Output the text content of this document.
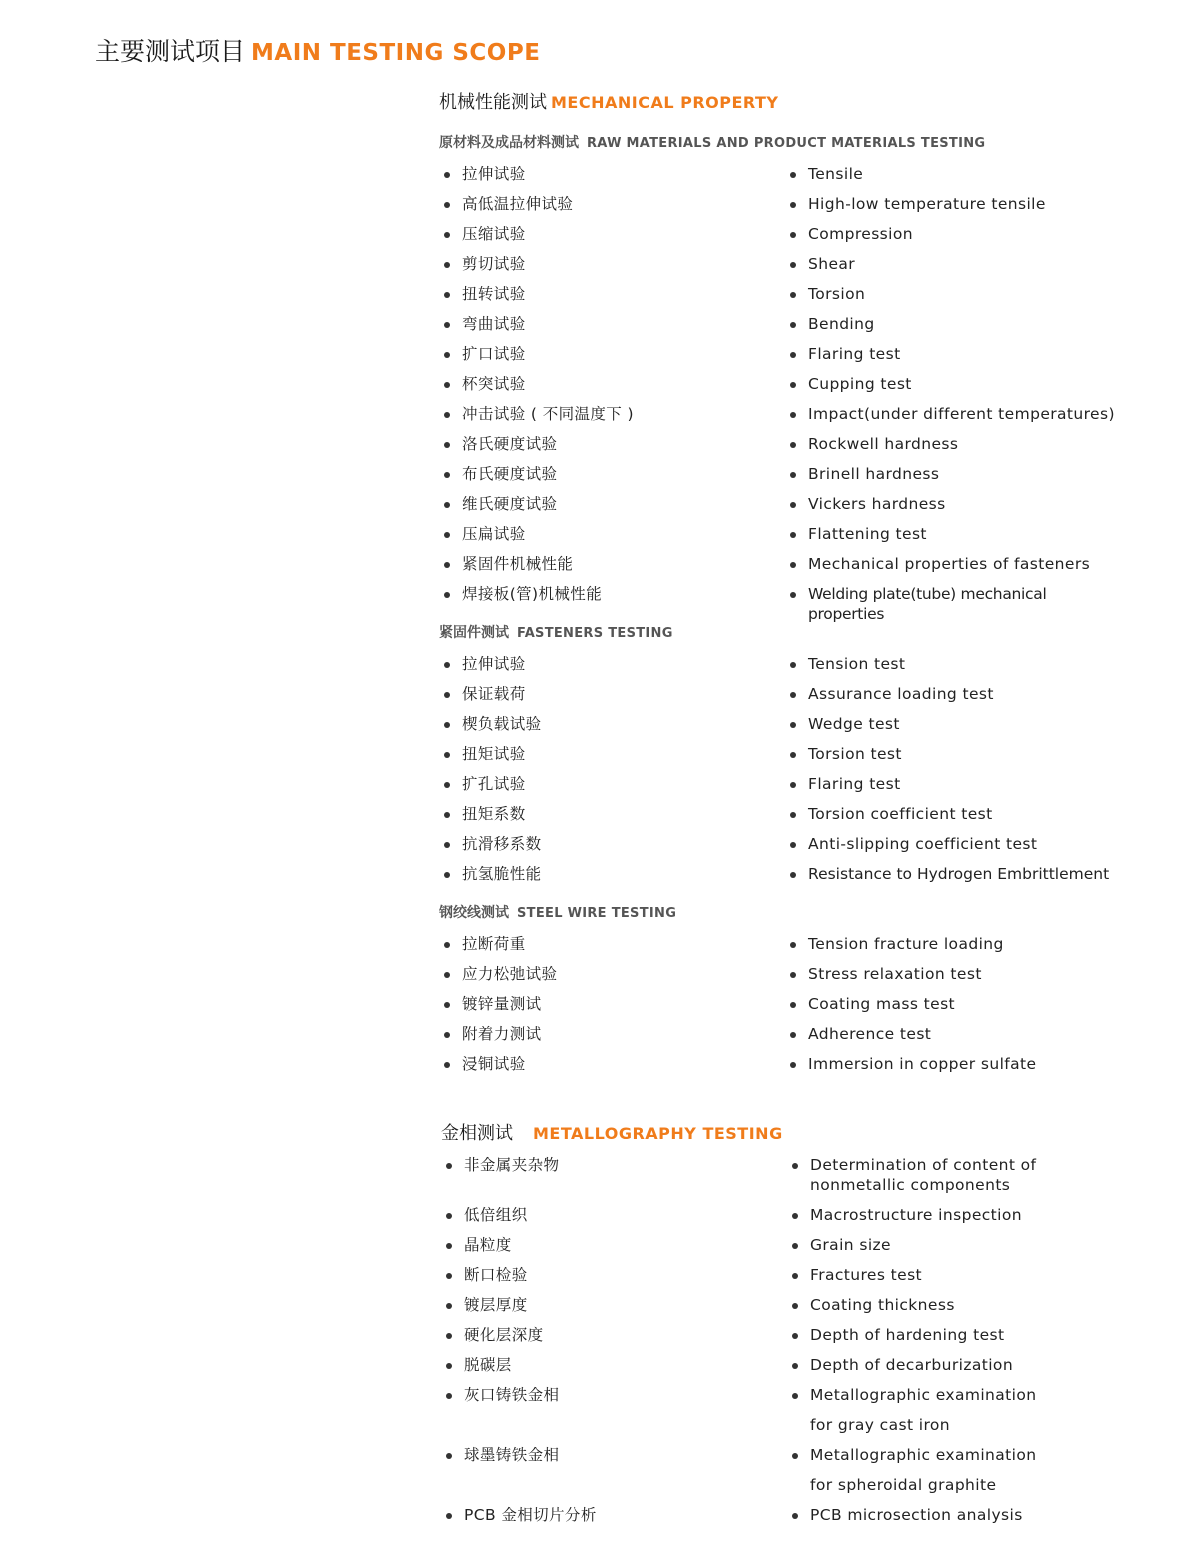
主要测试项目 MAIN TESTING SCOPE
机械性能测试 MECHANICAL PROPERTY
原材料及成品材料测试 RAW MATERIALS AND PRODUCT MATERIALS TESTING
拉伸试验	Tensile
高低温拉伸试验	High-low temperature tensile
压缩试验	Compression
剪切试验	Shear
扭转试验	Torsion
弯曲试验	Bending
扩口试验	Flaring test
杯突试验	Cupping test
冲击试验 ( 不同温度下 )	Impact(under different temperatures)
洛氏硬度试验	Rockwell hardness
布氏硬度试验	Brinell hardness
维氏硬度试验	Vickers hardness
压扁试验	Flattening test
紧固件机械性能	Mechanical properties of fasteners
焊接板(管)机械性能	Welding plate(tube) mechanical properties
紧固件测试 FASTENERS TESTING
拉伸试验	Tension test
保证载荷	Assurance loading test
楔负载试验	Wedge test
扭矩试验	Torsion test
扩孔试验	Flaring test
扭矩系数	Torsion coefficient test
抗滑移系数	Anti-slipping coefficient test
抗氢脆性能	Resistance to Hydrogen Embrittlement
钢绞线测试 STEEL WIRE TESTING
拉断荷重	Tension fracture loading
应力松弛试验	Stress relaxation test
镀锌量测试	Coating mass test
附着力测试	Adherence test
浸铜试验	Immersion in copper sulfate
金相测试 METALLOGRAPHY TESTING
非金属夹杂物	Determination of content of nonmetallic components
低倍组织	Macrostructure inspection
晶粒度	Grain size
断口检验	Fractures test
镀层厚度	Coating thickness
硬化层深度	Depth of hardening test
脱碳层	Depth of decarburization
灰口铸铁金相	Metallographic examination for gray cast iron
球墨铸铁金相	Metallographic examination for spheroidal graphite
PCB 金相切片分析	PCB microsection analysis
